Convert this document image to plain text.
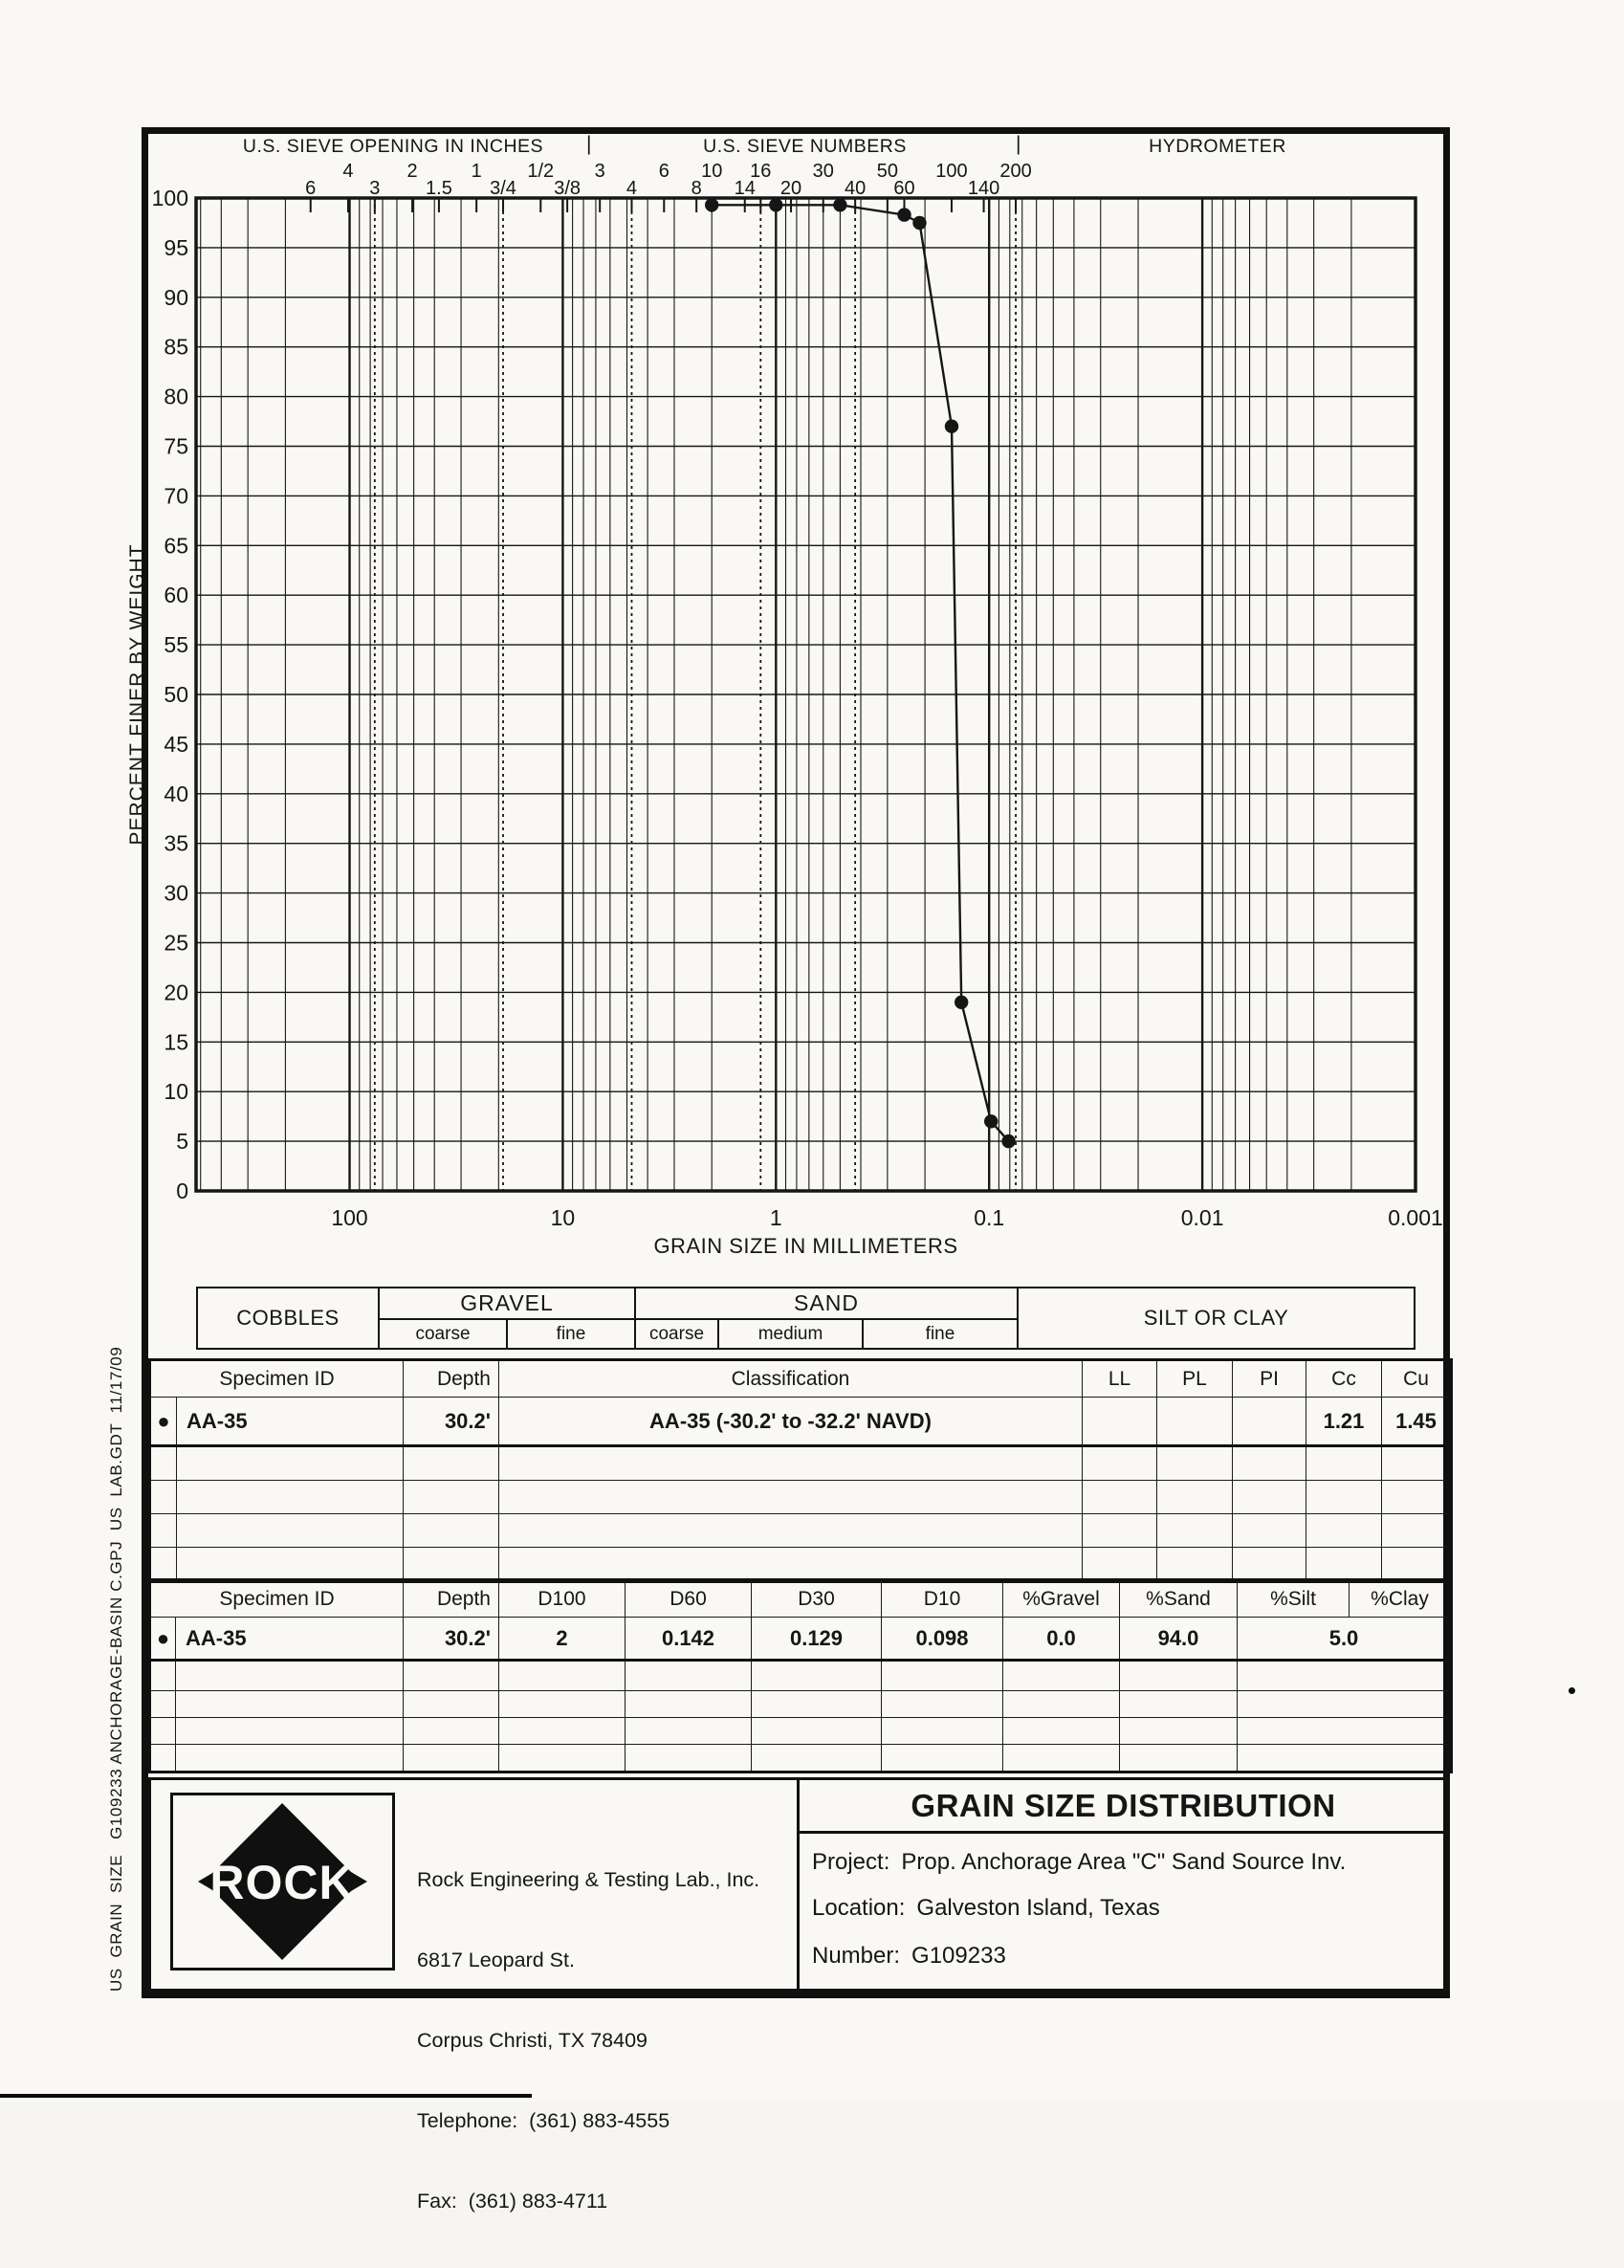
6
4
3
2
1.5
1
3/4
1/2
3/8
3
4
6
8
10
14
16
20
30
40
50
60
100
140
200
100	10	1	0.1	0.01	0.001
100
95
90
85
80
75
70
65
60
55
50
45
40
35
30
25
20
15
10
5
0
PERCENT FINER BY WEIGHT
GRAIN SIZE IN MILLIMETERS
U.S. SIEVE OPENING IN INCHES	|	U.S. SIEVE NUMBERS	|	HYDROMETER
COBBLES
GRAVEL
coarse	fine
SAND
coarse	medium	fine
SILT OR CLAY
Specimen ID		Depth	Classification	LL	PL	PI	Cc	Cu
●	AA-35	30.2'	AA-35 (-30.2' to -32.2' NAVD)				1.21	1.45

Specimen ID		Depth	D100	D60	D30	D10	%Gravel	%Sand	%Silt	%Clay
●	AA-35	30.2'	2	0.142	0.129	0.098	0.0	94.0	5.0	

ROCK

	Rock Engineering & Testing Lab., Inc.

6817 Leopard St.

Corpus Christi, TX 78409

Telephone:  (361) 883-4555

Fax:  (361) 883-4711

GRAIN SIZE DISTRIBUTION
Project: Prop. Anchorage Area "C" Sand Source Inv.
Location: Galveston Island, Texas
Number: G109233
US  GRAIN  SIZE   G109233 ANCHORAGE-BASIN C.GPJ  US  LAB.GDT  11/17/09
